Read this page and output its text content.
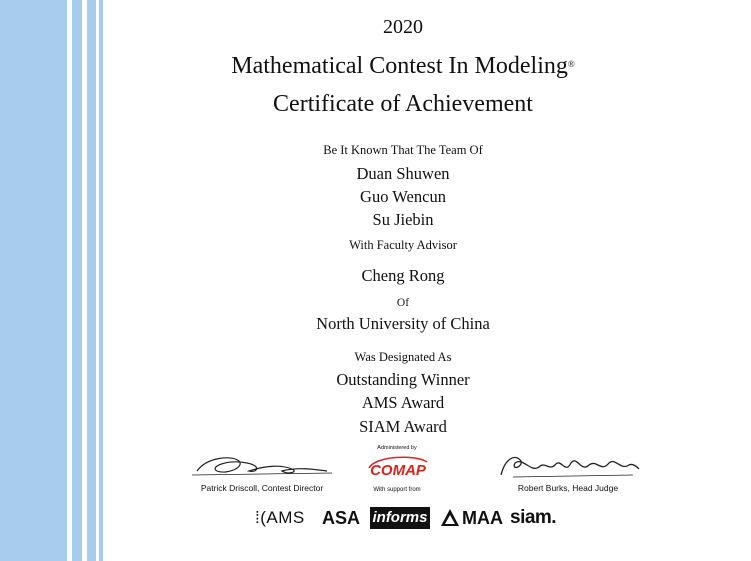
2020
Mathematical Contest In Modeling®
Certificate of Achievement
Be It Known That The Team Of
Duan Shuwen
Guo Wencun
Su Jiebin
With Faculty Advisor
Cheng Rong
Of
North University of China
Was Designated As
Outstanding Winner
AMS Award
SIAM Award
Patrick Driscoll, Contest Director
Administered by
COMAP
With support from	Robert Burks, Head Judge
⁞(AMS ASA informs MAA siam.
